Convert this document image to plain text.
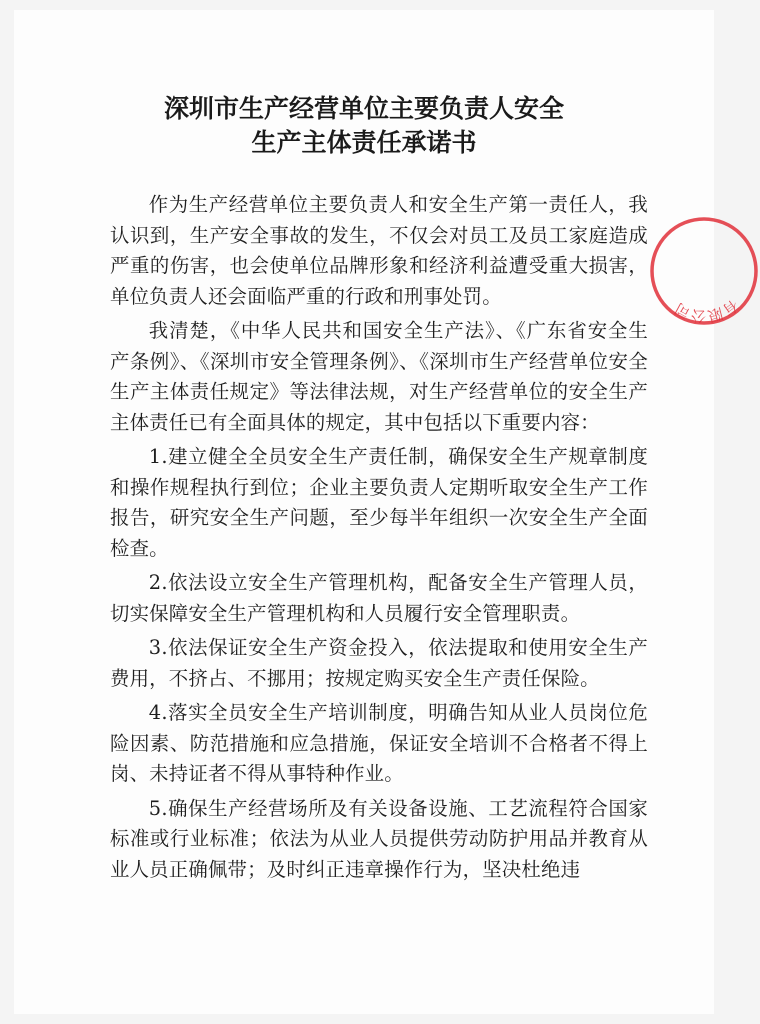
深圳市生产经营单位主要负责人安全
生产主体责任承诺书

作为生产经营单位主要负责人和安全生产第一责任人，我认识到，生产安全事故的发生，不仅会对员工及员工家庭造成严重的伤害，也会使单位品牌形象和经济利益遭受重大损害，单位负责人还会面临严重的行政和刑事处罚。

我清楚，《中华人民共和国安全生产法》、《广东省安全生产条例》、《深圳市安全管理条例》、《深圳市生产经营单位安全生产主体责任规定》等法律法规，对生产经营单位的安全生产主体责任已有全面具体的规定，其中包括以下重要内容：

1.建立健全全员安全生产责任制，确保安全生产规章制度和操作规程执行到位；企业主要负责人定期听取安全生产工作报告，研究安全生产问题，至少每半年组织一次安全生产全面检查。

2.依法设立安全生产管理机构，配备安全生产管理人员，切实保障安全生产管理机构和人员履行安全管理职责。

3.依法保证安全生产资金投入，依法提取和使用安全生产费用，不挤占、不挪用；按规定购买安全生产责任保险。

4.落实全员安全生产培训制度，明确告知从业人员岗位危险因素、防范措施和应急措施，保证安全培训不合格者不得上岗、未持证者不得从事特种作业。

5.确保生产经营场所及有关设备设施、工艺流程符合国家标准或行业标准；依法为从业人员提供劳动防护用品并教育从业人员正确佩带；及时纠正违章操作行为，坚决杜绝违

有限公司
